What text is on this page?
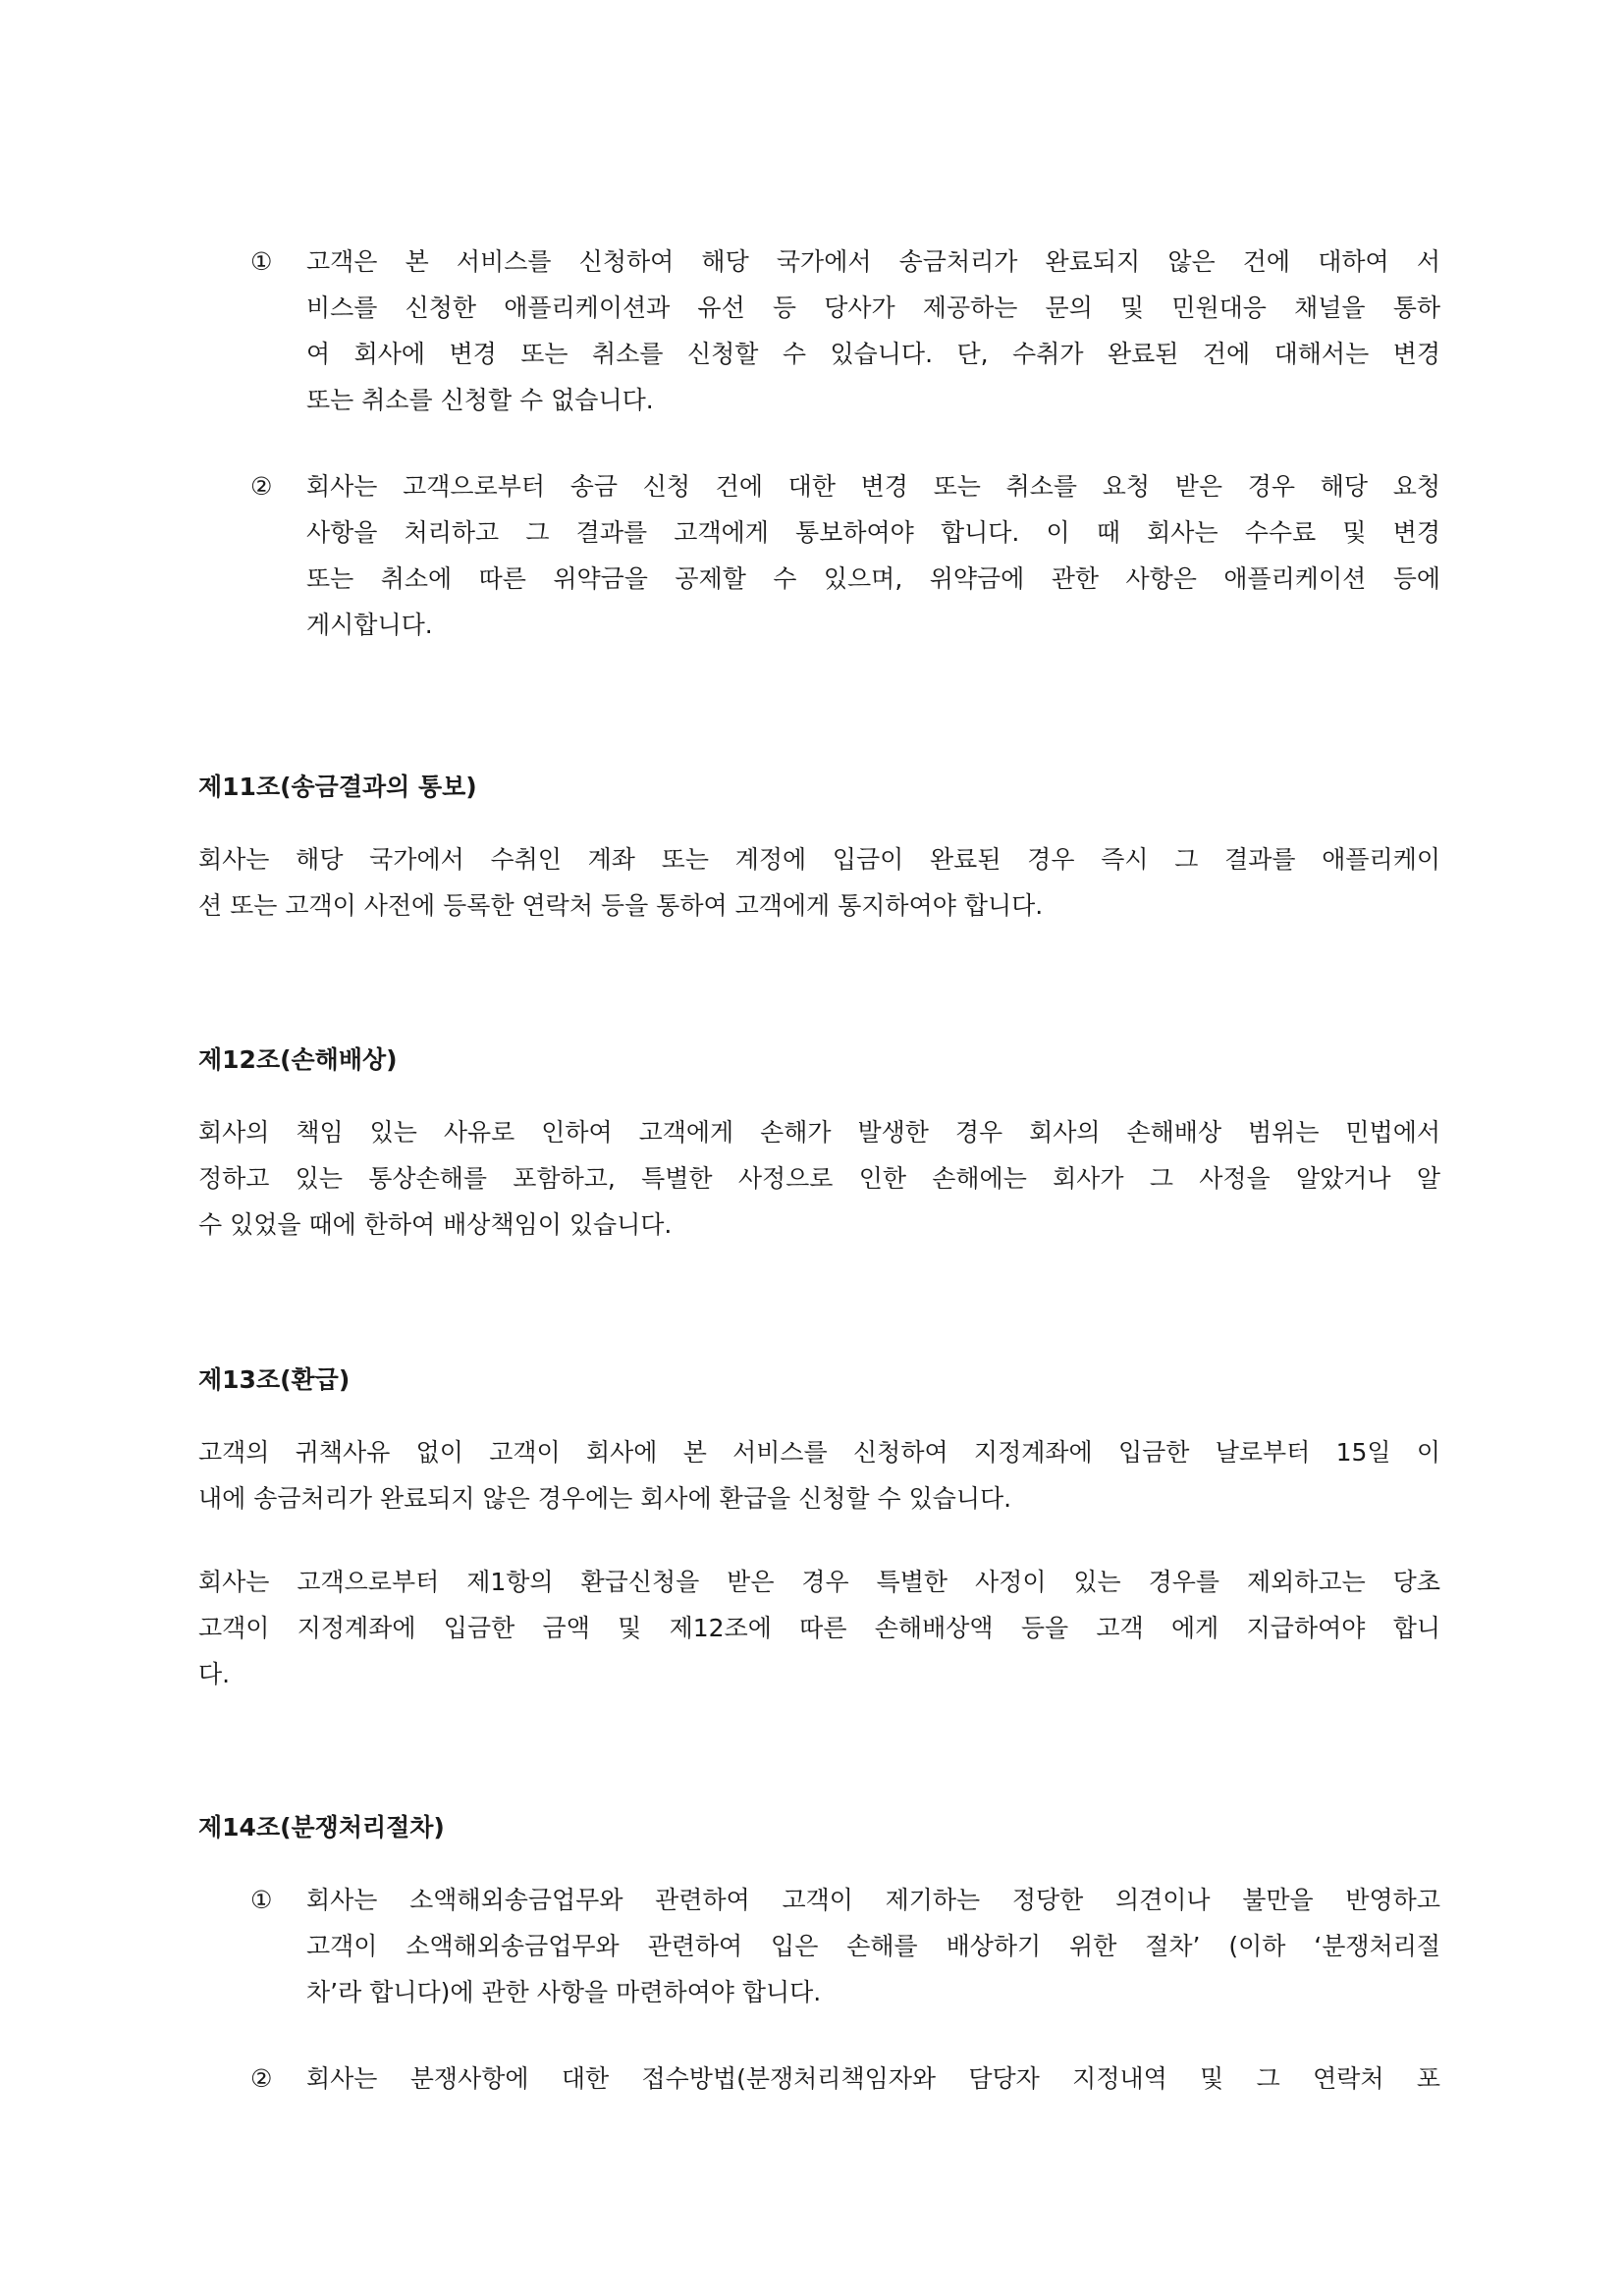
① 고객은 본 서비스를 신청하여 해당 국가에서 송금처리가 완료되지 않은 건에 대하여 서
비스를 신청한 애플리케이션과 유선 등 당사가 제공하는 문의 및 민원대응 채널을 통하
여 회사에 변경 또는 취소를 신청할 수 있습니다. 단, 수취가 완료된 건에 대해서는 변경
또는 취소를 신청할 수 없습니다.
② 회사는 고객으로부터 송금 신청 건에 대한 변경 또는 취소를 요청 받은 경우 해당 요청
사항을 처리하고 그 결과를 고객에게 통보하여야 합니다. 이 때 회사는 수수료 및 변경
또는 취소에 따른 위약금을 공제할 수 있으며, 위약금에 관한 사항은 애플리케이션 등에
게시합니다.
제11조(송금결과의 통보)
회사는 해당 국가에서 수취인 계좌 또는 계정에 입금이 완료된 경우 즉시 그 결과를 애플리케이
션 또는 고객이 사전에 등록한 연락처 등을 통하여 고객에게 통지하여야 합니다.
제12조(손해배상)
회사의 책임 있는 사유로 인하여 고객에게 손해가 발생한 경우 회사의 손해배상 범위는 민법에서
정하고 있는 통상손해를 포함하고, 특별한 사정으로 인한 손해에는 회사가 그 사정을 알았거나 알
수 있었을 때에 한하여 배상책임이 있습니다.
제13조(환급)
고객의 귀책사유 없이 고객이 회사에 본 서비스를 신청하여 지정계좌에 입금한 날로부터 15일 이
내에 송금처리가 완료되지 않은 경우에는 회사에 환급을 신청할 수 있습니다.
회사는 고객으로부터 제1항의 환급신청을 받은 경우 특별한 사정이 있는 경우를 제외하고는 당초
고객이 지정계좌에 입금한 금액 및 제12조에 따른 손해배상액 등을 고객 에게 지급하여야 합니
다.
제14조(분쟁처리절차)
① 회사는 소액해외송금업무와 관련하여 고객이 제기하는 정당한 의견이나 불만을 반영하고
고객이 소액해외송금업무와 관련하여 입은 손해를 배상하기 위한 절차’ (이하 ‘분쟁처리절
차’라 합니다)에 관한 사항을 마련하여야 합니다.
② 회사는 분쟁사항에 대한 접수방법(분쟁처리책임자와 담당자 지정내역 및 그 연락처 포
